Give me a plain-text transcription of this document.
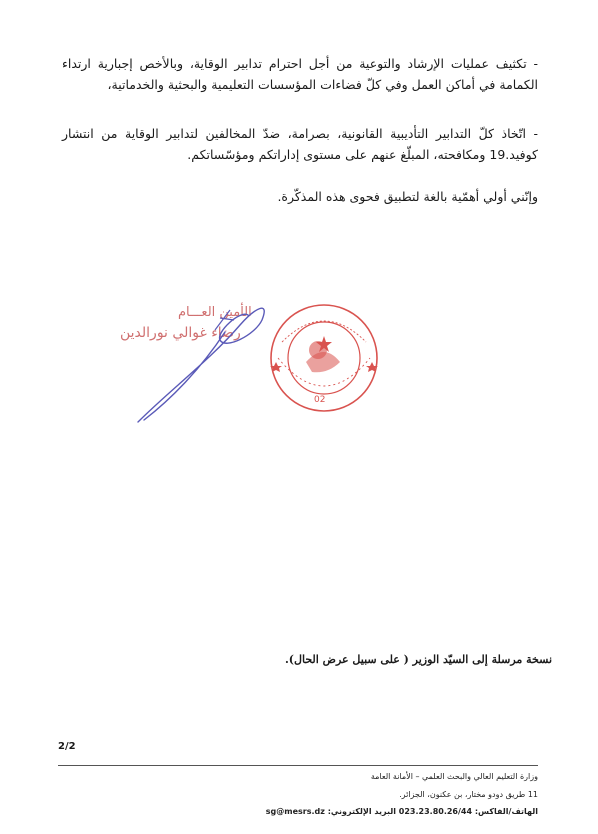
- تكثيف عمليات الإرشاد والتوعية من أجل احترام تدابير الوقاية، وبالأخص إجبارية ارتداء الكمامة في أماكن العمل وفي كلّ فضاءات المؤسسات التعليمية والبحثية والخدماتية،

- اتّخاذ كلّ التدابير التأديبية القانونية، بصرامة، ضدّ المخالفين لتدابير الوقاية من انتشار كوفيد.19 ومكافحته، المبلّغ عنهم على مستوى إداراتكم ومؤسّساتكم.

وإنّني أولي أهمّية بالغة لتطبيق فحوى هذه المذكّرة.

الأمين العـــام
رضاء غوالي نورالدين
02
نسخة مرسلة إلى السيّد الوزير ( على سبيل عرض الحال).
2/2
وزارة التعليم العالي والبحث العلمي – الأمانة العامة
11 طريق دودو مختار، بن عكنون، الجزائر.
الهاتف/الفاكس: 023.23.80.26/44 البريد الإلكتروني: sg@mesrs.dz
